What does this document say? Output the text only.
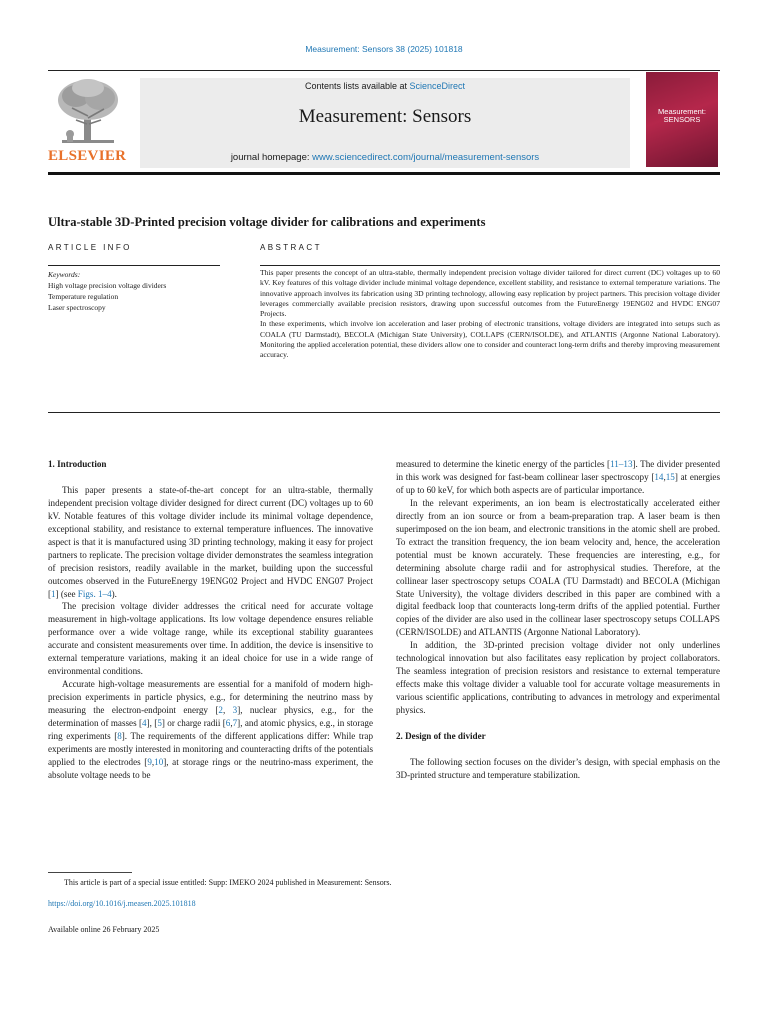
Measurement: Sensors 38 (2025) 101818
ELSEVIER
Contents lists available at ScienceDirect
Measurement: Sensors
journal homepage: www.sciencedirect.com/journal/measurement-sensors
Measurement:
SENSORS
Ultra-stable 3D-Printed precision voltage divider for calibrations and experiments
ARTICLE INFO	ABSTRACT
Keywords:
High voltage precision voltage dividers
Temperature regulation
Laser spectroscopy

This paper presents the concept of an ultra-stable, thermally independent precision voltage divider tailored for direct current (DC) voltages up to 60 kV. Key features of this voltage divider include minimal voltage dependence, excellent stability, and resistance to external temperature variations. The innovative approach involves its fabrication using 3D printing technology, allowing easy replication by project partners. This precision voltage divider leverages commercially available precision resistors, drawing upon successful outcomes from the FutureEnergy 19ENG02 and HVDC ENG07 Projects.

In these experiments, which involve ion acceleration and laser probing of electronic transitions, voltage dividers are integrated into setups such as COALA (TU Darmstadt), BECOLA (Michigan State University), COLLAPS (CERN/ISOLDE), and ATLANTIS (Argonne National Laboratory). Monitoring the applied acceleration potential, these dividers allow one to consider and counteract long-term drifts and thereby improving measurement accuracy.

1. Introduction

This paper presents a state-of-the-art concept for an ultra-stable, thermally independent precision voltage divider designed for direct current (DC) voltages up to 60 kV. Notable features of this voltage divider include its minimal voltage dependence, exceptional stability, and resistance to external temperature influences. The innovative aspect is that it is manufactured using 3D printing technology, making it easy for project partners to replicate. The precision voltage divider demonstrates the seamless integration of precision resistors, readily available in the market, building upon the successful outcomes observed in the FutureEnergy 19ENG02 Project and HVDC ENG07 Project [1] (see Figs. 1–4).

The precision voltage divider addresses the critical need for accurate voltage measurement in high-voltage applications. Its low voltage dependence ensures reliable performance over a wide voltage range, while its exceptional stability guarantees accurate and consistent measurements over time. In addition, the device is insensitive to external temperature variations, making it an ideal choice for use in a wide range of environmental conditions.

Accurate high-voltage measurements are essential for a manifold of modern high-precision experiments in particle physics, e.g., for determining the neutrino mass by measuring the electron-endpoint energy [2, 3], nuclear physics, e.g., for the determination of masses [4], [5] or charge radii [6,7], and atomic physics, e.g., in storage ring experiments [8]. The requirements of the different applications differ: While trap experiments are mostly interested in monitoring and counteracting drifts of the potentials applied to the electrodes [9,10], at storage rings or the neutrino-mass experiment, the absolute voltage needs to be

measured to determine the kinetic energy of the particles [11–13]. The divider presented in this work was designed for fast-beam collinear laser spectroscopy [14,15] at energies of up to 60 keV, for which both aspects are of particular importance.

In the relevant experiments, an ion beam is electrostatically accelerated either directly from an ion source or from a beam-preparation trap. A laser beam is then superimposed on the ion beam, and electronic transitions in the atomic shell are probed. To extract the transition frequency, the ion beam velocity and, hence, the acceleration potential must be known accurately. These frequencies are interesting, e.g., for determining absolute charge radii and for astrophysical studies. Therefore, at the collinear laser spectroscopy setups COALA (TU Darmstadt) and BECOLA (Michigan State University), the voltage dividers described in this paper are combined with a digital feedback loop that counteracts long-term drifts of the applied potential. Further copies of the divider are also used in the collinear laser spectroscopy setups COLLAPS (CERN/ISOLDE) and ATLANTIS (Argonne National Laboratory).

In addition, the 3D-printed precision voltage divider not only underlines technological innovation but also facilitates easy replication by project collaborators. The seamless integration of precision resistors and resistance to external temperature effects make this voltage divider a valuable tool for accurate voltage measurements in various scientific applications, contributing to advances in metrology and experimental physics.

2. Design of the divider

The following section focuses on the divider’s design, with special emphasis on the 3D-printed structure and temperature stabilization.

This article is part of a special issue entitled: Supp: IMEKO 2024 published in Measurement: Sensors.
https://doi.org/10.1016/j.measen.2025.101818
Available online 26 February 2025
